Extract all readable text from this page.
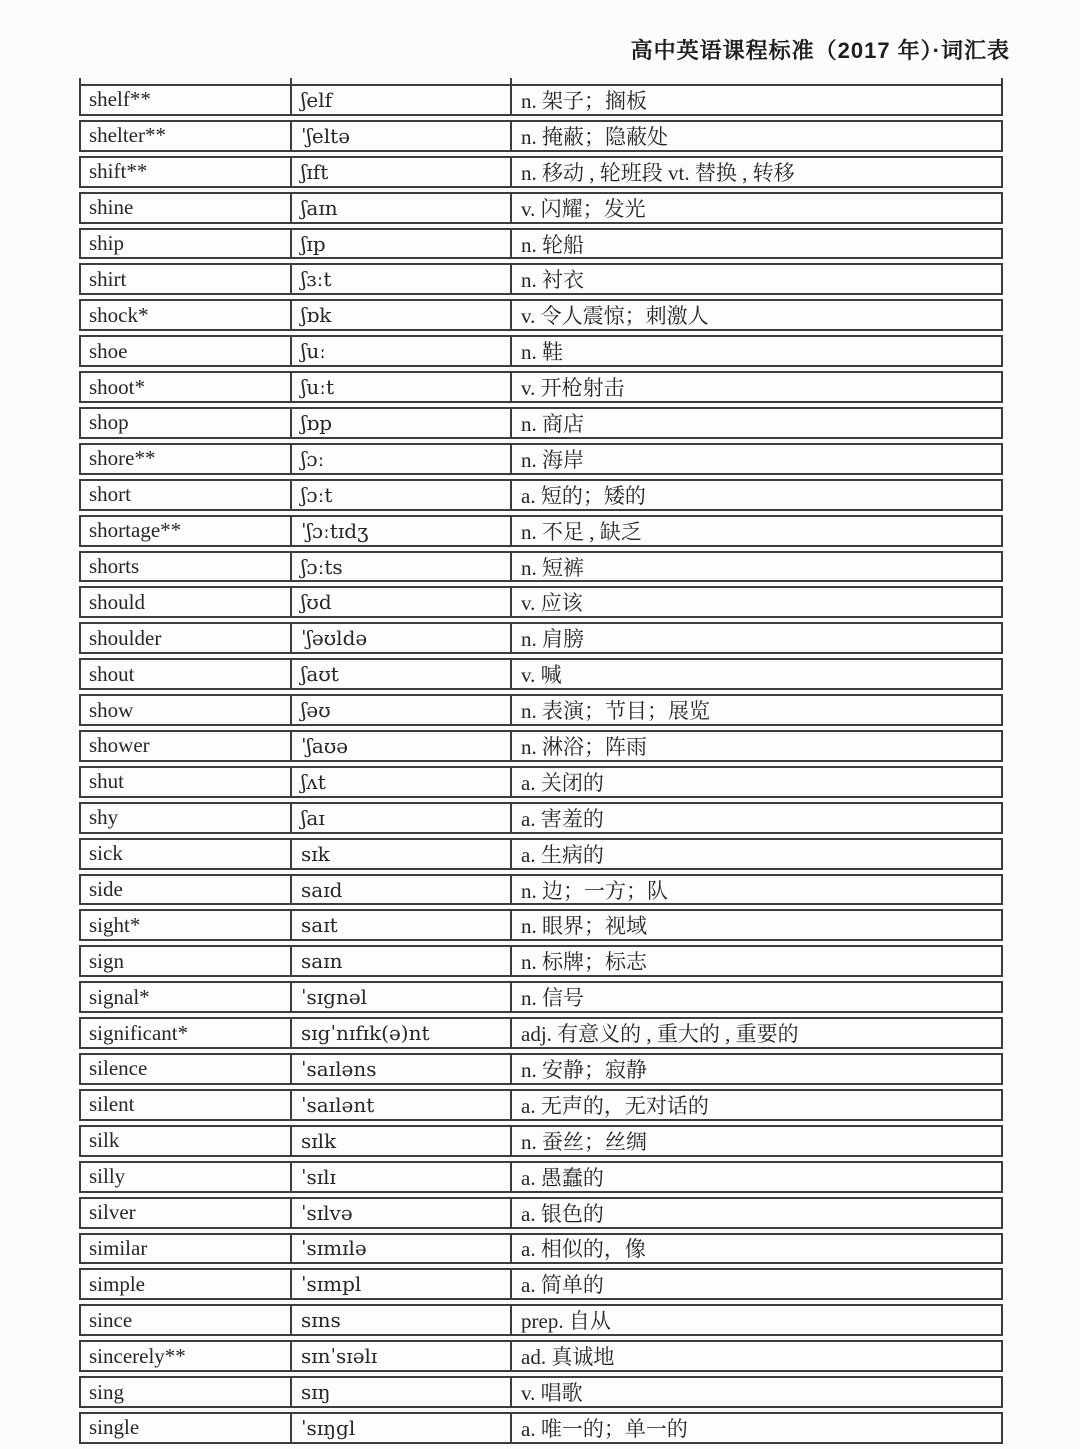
高中英语课程标准（2017 年）·词汇表
shelf**	ʃelf	n. 架子；搁板
shelter**	ˈʃeltə	n. 掩蔽；隐蔽处
shift**	ʃɪft	n. 移动 , 轮班段 vt. 替换 , 转移
shine	ʃaɪn	v. 闪耀；发光
ship	ʃɪp	n. 轮船
shirt	ʃɜːt	n. 衬衣
shock*	ʃɒk	v. 令人震惊；刺激人
shoe	ʃuː	n. 鞋
shoot*	ʃuːt	v. 开枪射击
shop	ʃɒp	n. 商店
shore**	ʃɔː	n. 海岸
short	ʃɔːt	a. 短的；矮的
shortage**	ˈʃɔːtɪdʒ	n. 不足 , 缺乏
shorts	ʃɔːts	n. 短裤
should	ʃʊd	v. 应该
shoulder	ˈʃəʊldə	n. 肩膀
shout	ʃaʊt	v. 喊
show	ʃəʊ	n. 表演；节目；展览
shower	ˈʃaʊə	n. 淋浴；阵雨
shut	ʃʌt	a. 关闭的
shy	ʃaɪ	a. 害羞的
sick	sɪk	a. 生病的
side	saɪd	n. 边；一方；队
sight*	saɪt	n. 眼界；视域
sign	saɪn	n. 标牌；标志
signal*	ˈsɪgnəl	n. 信号
significant*	sɪgˈnɪfɪk(ə)nt	adj. 有意义的 , 重大的 , 重要的
silence	ˈsaɪləns	n. 安静；寂静
silent	ˈsaɪlənt	a. 无声的，无对话的
silk	sɪlk	n. 蚕丝；丝绸
silly	ˈsɪlɪ	a. 愚蠢的
silver	ˈsɪlvə	a. 银色的
similar	ˈsɪmɪlə	a. 相似的，像
simple	ˈsɪmpl	a. 简单的
since	sɪns	prep. 自从
sincerely**	sɪnˈsɪəlɪ	ad. 真诚地
sing	sɪŋ	v. 唱歌
single	ˈsɪŋgl	a. 唯一的；单一的
